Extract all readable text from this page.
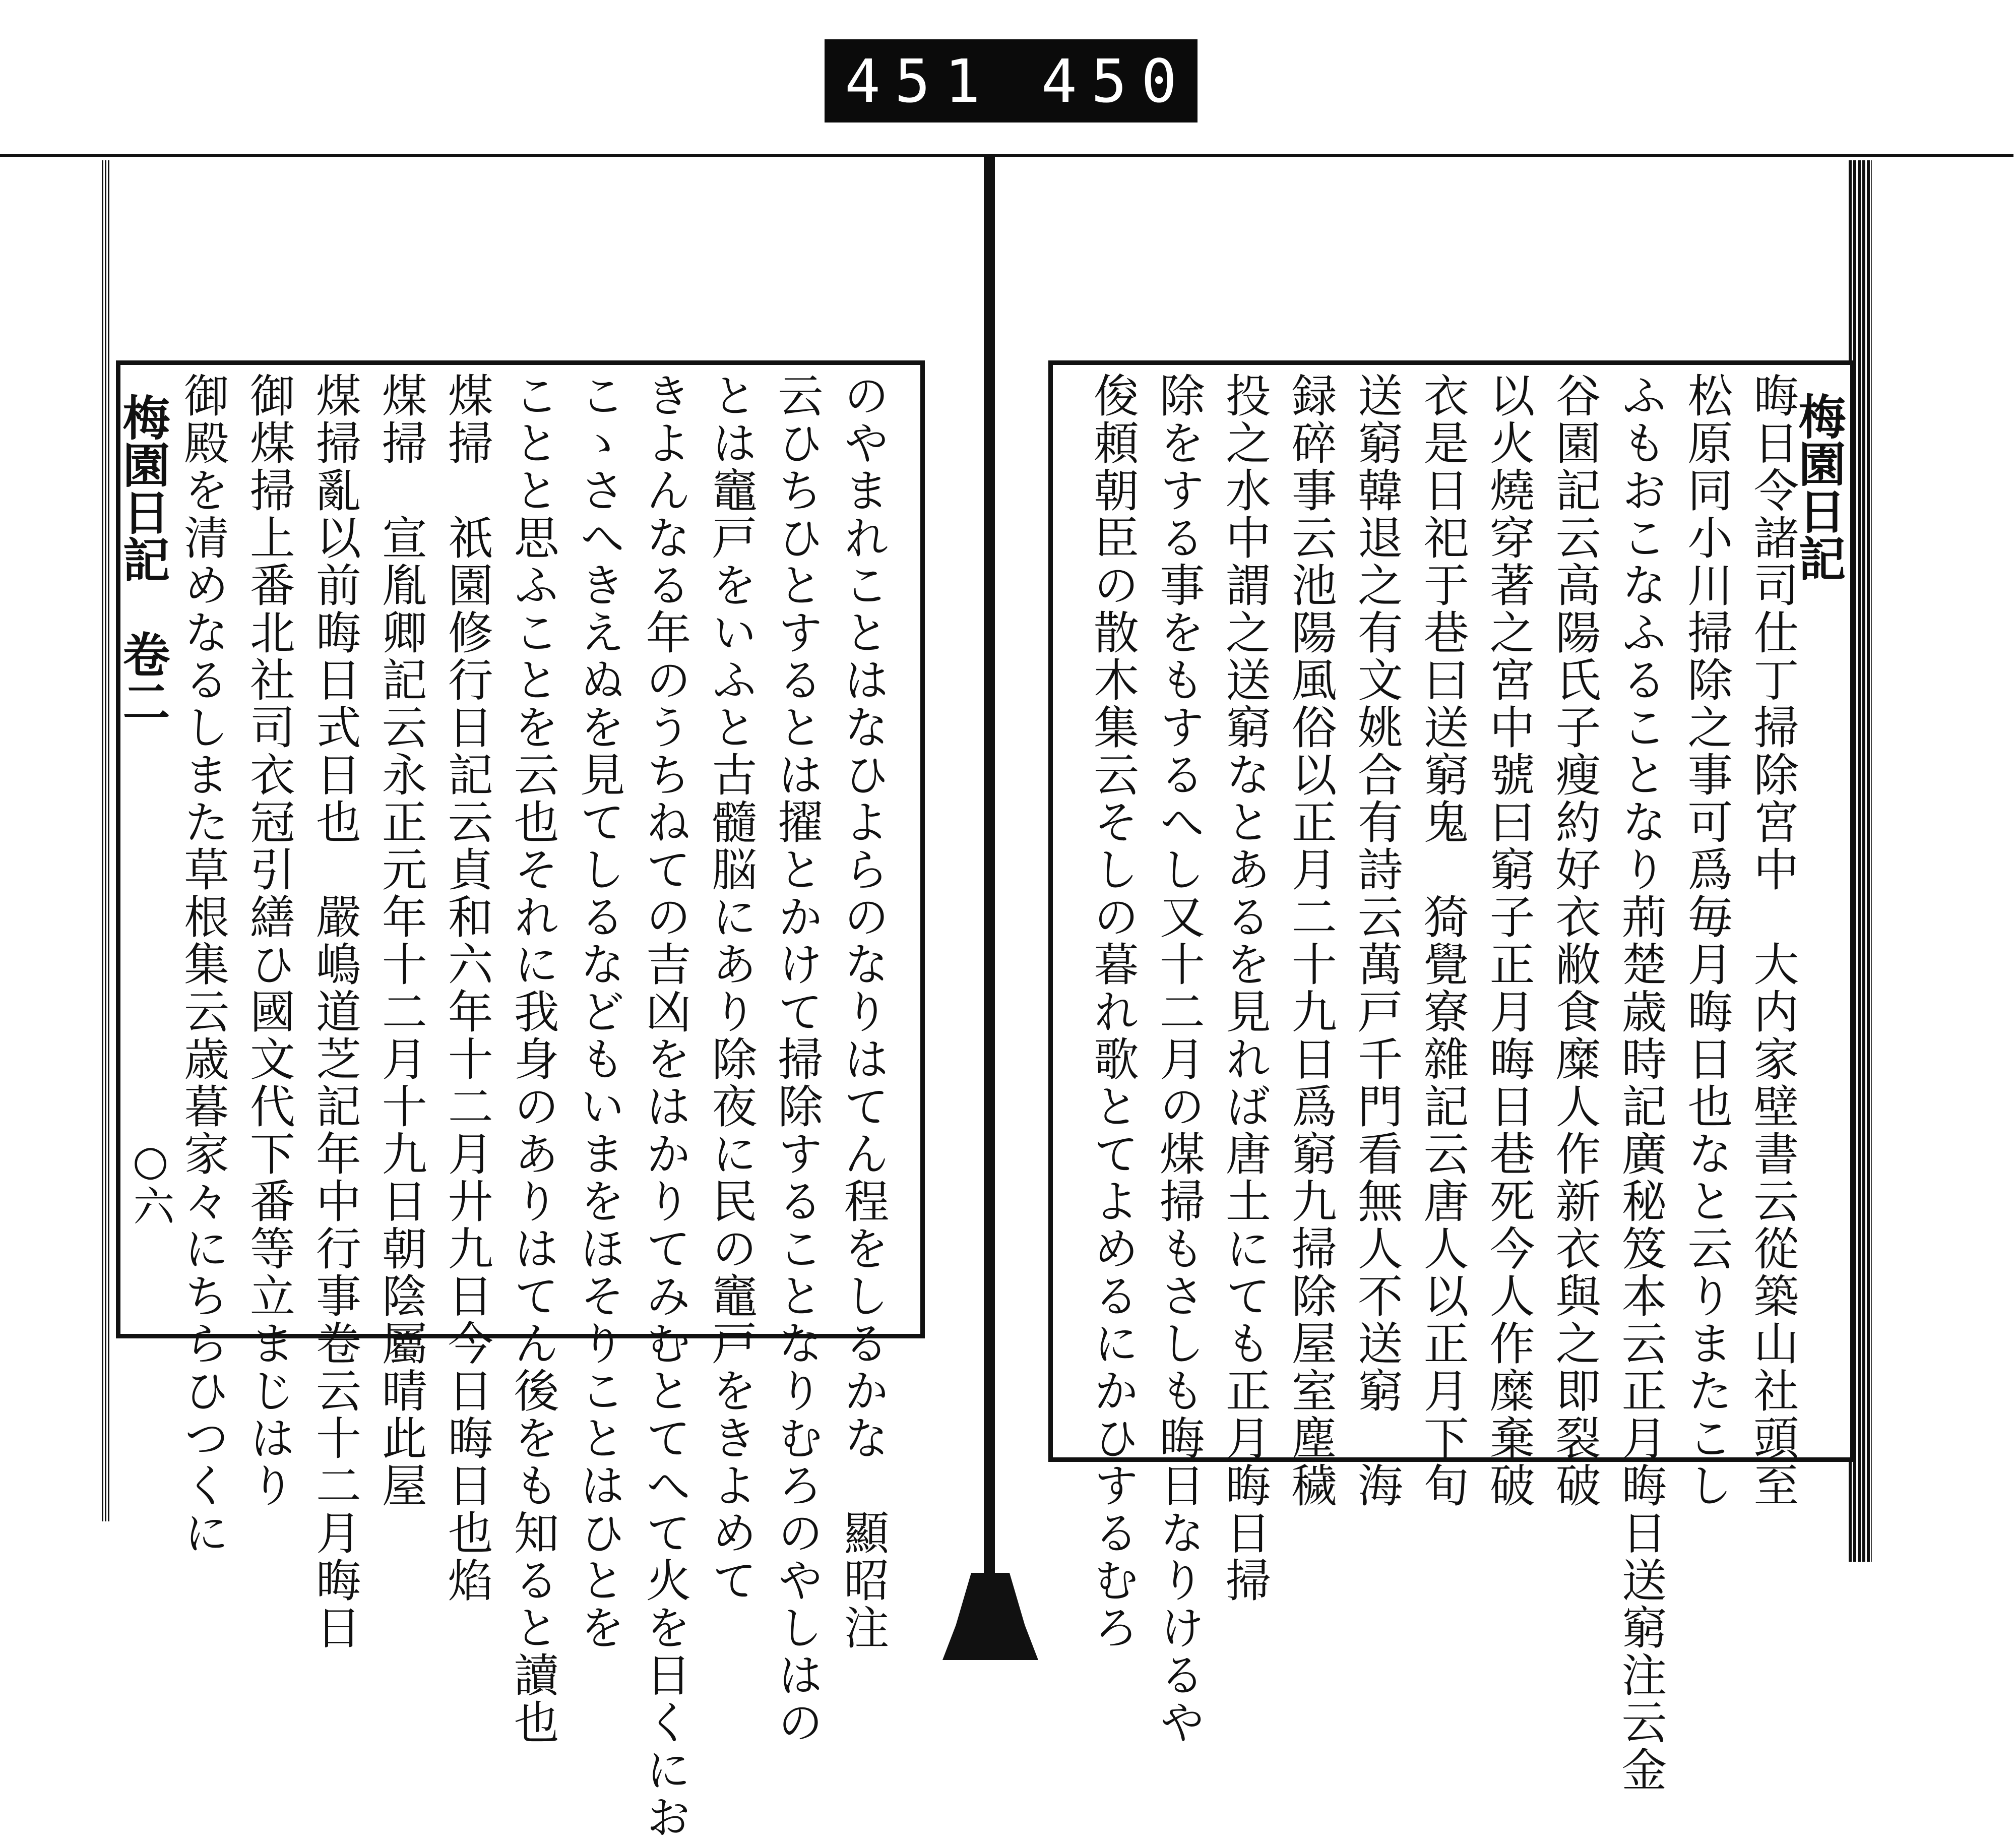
451 450.
梅園日記
晦日令諸司仕丁掃除宮中　大内家壁書云從築山社頭至
松原同小川掃除之事可爲毎月晦日也なと云りまたこし
ふもおこなふることなり荊楚歳時記廣秘笈本云正月晦日送窮注云金
谷園記云高陽氏子瘦約好衣敝食糜人作新衣與之即裂破
以火燒穿著之宮中號曰窮子正月晦日巷死今人作糜棄破
衣是日祀于巷曰送窮鬼　猗覺寮雜記云唐人以正月下旬
送窮韓退之有文姚合有詩云萬戸千門看無人不送窮　海
録碎事云池陽風俗以正月二十九日爲窮九掃除屋室塵穢
投之水中謂之送窮なとあるを見れば唐土にても正月晦日掃
除をする事をもするへし又十二月の煤掃もさしも晦日なりけるや
俊頼朝臣の散木集云そしの暮れ歌とてよめるにかひするむろ
梅園日記　卷二
○六	のやまれことはなひよらのなりはてん程をしるかな　顯昭注
云ひちひとするとは擢とかけて掃除することなりむろのやしはの
とは竈戸をいふと古髓脳にあり除夜に民の竈戸をきよめて
きよんなる年のうちねての吉凶をはかりてみむとてへて火を日くにお
こゝさへきえぬを見てしるなどもいまをほそりことはひとを
ことと思ふことを云也それに我身のありはてん後をも知ると讀也
煤掃　祇園修行日記云貞和六年十二月廾九日今日晦日也焰
煤掃　宣胤卿記云永正元年十二月十九日朝陰屬晴此屋
煤掃亂以前晦日式日也　嚴嶋道芝記年中行事卷云十二月晦日
御煤掃上番北社司衣冠引繕ひ國文代下番等立まじはり
御殿を清めなるしまた草根集云歳暮家々にちらひつくに
